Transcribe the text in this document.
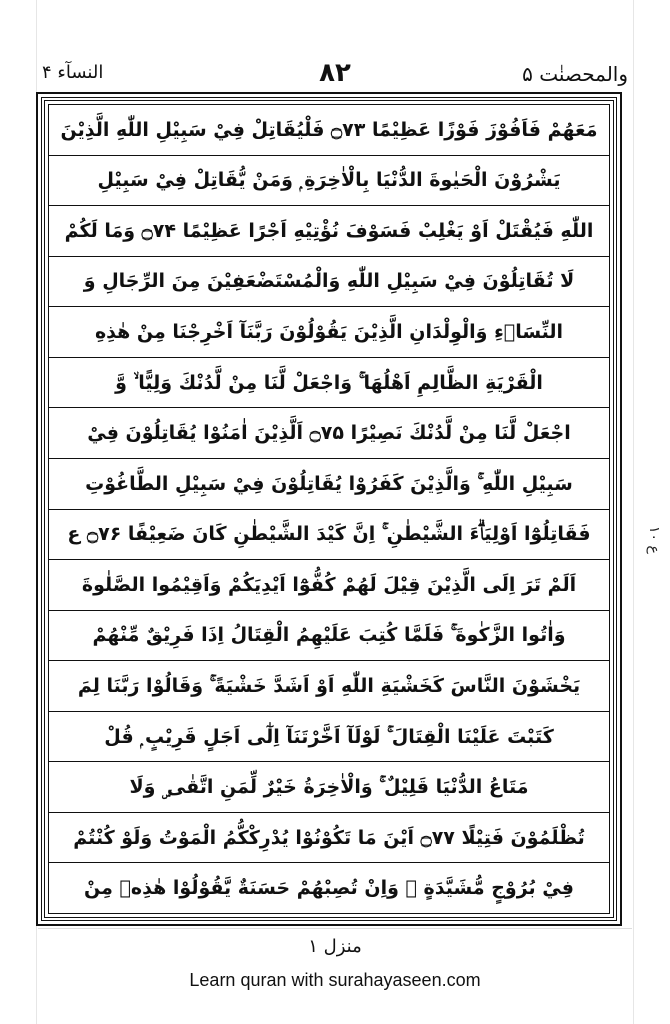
والمحصنٰت ۵
۸۲
النسآء ۴
مَعَهُمْ فَاَفُوْزَ فَوْزًا عَظِيْمًا ۝۷۳ فَلْيُقَاتِلْ فِيْ سَبِيْلِ اللّٰهِ الَّذِيْنَ
يَشْرُوْنَ الْحَيٰوةَ الدُّنْيَا بِالْاٰخِرَةِ ۭ وَمَنْ يُّقَاتِلْ فِيْ سَبِيْلِ
اللّٰهِ فَيُقْتَلْ اَوْ يَغْلِبْ فَسَوْفَ نُؤْتِيْهِ اَجْرًا عَظِيْمًا ۝۷۴ وَمَا لَكُمْ
لَا تُقَاتِلُوْنَ فِيْ سَبِيْلِ اللّٰهِ وَالْمُسْتَضْعَفِيْنَ مِنَ الرِّجَالِ وَ
النِّسَاۗءِ وَالْوِلْدَانِ الَّذِيْنَ يَقُوْلُوْنَ رَبَّنَآ اَخْرِجْنَا مِنْ هٰذِهِ
الْقَرْيَةِ الظَّالِمِ اَهْلُهَا ۚ وَاجْعَلْ لَّنَا مِنْ لَّدُنْكَ وَلِيًّا ۙ وَّ
اجْعَلْ لَّنَا مِنْ لَّدُنْكَ نَصِيْرًا ۝۷۵ اَلَّذِيْنَ اٰمَنُوْا يُقَاتِلُوْنَ فِيْ
سَبِيْلِ اللّٰهِ ۚ وَالَّذِيْنَ كَفَرُوْا يُقَاتِلُوْنَ فِيْ سَبِيْلِ الطَّاغُوْتِ
فَقَاتِلُوْٓا اَوْلِيَاۗءَ الشَّيْطٰنِ ۚ اِنَّ كَيْدَ الشَّيْطٰنِ كَانَ ضَعِيْفًا ۝۷۶ ع
اَلَمْ تَرَ اِلَى الَّذِيْنَ قِيْلَ لَهُمْ كُفُّوْٓا اَيْدِيَكُمْ وَاَقِيْمُوا الصَّلٰوةَ
وَاٰتُوا الزَّكٰوةَ ۚ فَلَمَّا كُتِبَ عَلَيْهِمُ الْقِتَالُ اِذَا فَرِيْقٌ مِّنْهُمْ
يَخْشَوْنَ النَّاسَ كَخَشْيَةِ اللّٰهِ اَوْ اَشَدَّ خَشْيَةً ۚ وَقَالُوْا رَبَّنَا لِمَ
كَتَبْتَ عَلَيْنَا الْقِتَالَ ۚ لَوْلَآ اَخَّرْتَنَآ اِلٰٓى اَجَلٍ قَرِيْبٍ ۭ قُلْ
مَتَاعُ الدُّنْيَا قَلِيْلٌ ۚ وَالْاٰخِرَةُ خَيْرٌ لِّمَنِ اتَّقٰى ۣ وَلَا
تُظْلَمُوْنَ فَتِيْلًا ۝۷۷ اَيْنَ مَا تَكُوْنُوْا يُدْرِكْكُّمُ الْمَوْتُ وَلَوْ كُنْتُمْ
فِيْ بُرُوْجٍ مُّشَيَّدَةٍ ۭ وَاِنْ تُصِبْهُمْ حَسَنَةٌ يَّقُوْلُوْا هٰذِهٖ مِنْ
ع ١٠
منزل ١
Learn quran with surahayaseen.com
